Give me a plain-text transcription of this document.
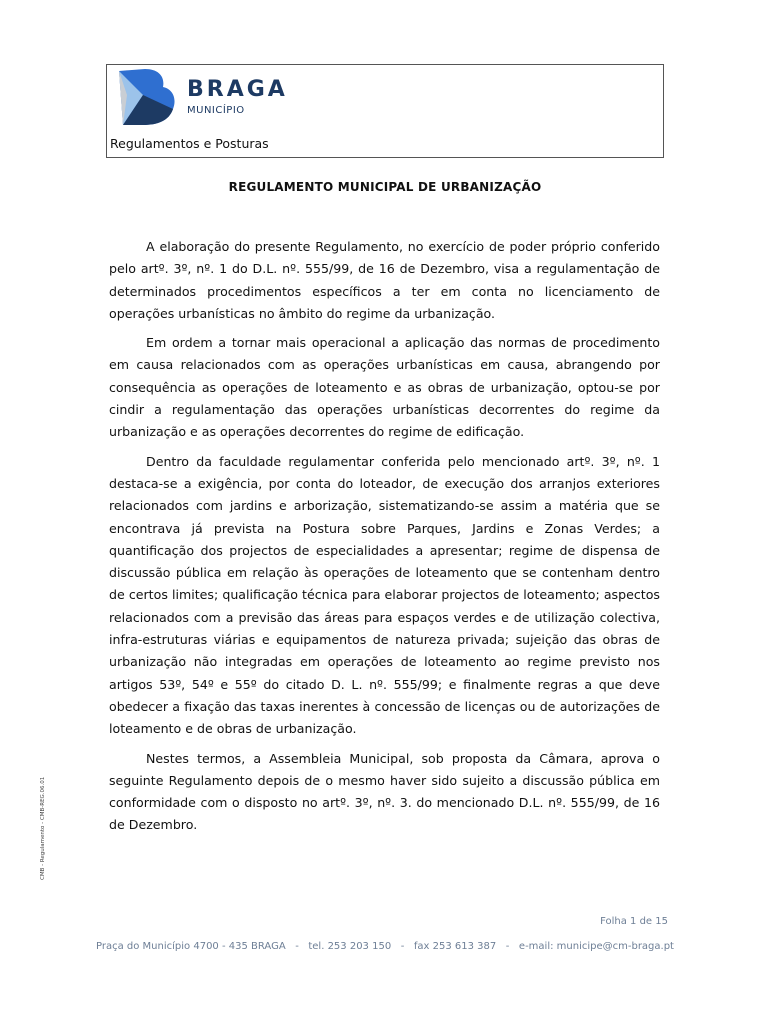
BRAGA
MUNICÍPIO
Regulamentos e Posturas
REGULAMENTO MUNICIPAL DE URBANIZAÇÃO

A elaboração do presente Regulamento, no exercício de poder próprio conferido pelo artº. 3º, nº. 1 do D.L. nº. 555/99, de 16 de Dezembro, visa a regulamentação de determinados procedimentos específicos a ter em conta no licenciamento de operações urbanísticas no âmbito do regime da urbanização.

Em ordem a tornar mais operacional a aplicação das normas de procedimento em causa relacionados com as operações urbanísticas em causa, abrangendo por consequência as operações de loteamento e as obras de urbanização, optou-se por cindir a regulamentação das operações urbanísticas decorrentes do regime da urbanização e as operações decorrentes do regime de edificação.

Dentro da faculdade regulamentar conferida pelo mencionado artº. 3º, nº. 1 destaca-se a exigência, por conta do loteador, de execução dos arranjos exteriores relacionados com jardins e arborização, sistematizando-se assim a matéria que se encontrava já prevista na Postura sobre Parques, Jardins e Zonas Verdes; a quantificação dos projectos de especialidades a apresentar; regime de dispensa de discussão pública em relação às operações de loteamento que se contenham dentro de certos limites; qualificação técnica para elaborar projectos de loteamento; aspectos relacionados com a previsão das áreas para espaços verdes e de utilização colectiva, infra-estruturas viárias e equipamentos de natureza privada; sujeição das obras de urbanização não integradas em operações de loteamento ao regime previsto nos artigos 53º, 54º e 55º do citado D. L. nº. 555/99; e finalmente regras a que deve obedecer a fixação das taxas inerentes à concessão de licenças ou de autorizações de loteamento e de obras de urbanização.

Nestes termos, a Assembleia Municipal, sob proposta da Câmara, aprova o seguinte Regulamento depois de o mesmo haver sido sujeito a discussão pública em conformidade com o disposto no artº. 3º, nº. 3. do mencionado D.L. nº. 555/99, de 16 de Dezembro.

CMB - Regulamento - CMB-REG.06.01
Folha 1 de 15
Praça do Município 4700 - 435 BRAGA   -   tel. 253 203 150   -   fax 253 613 387   -   e-mail: municipe@cm-braga.pt
